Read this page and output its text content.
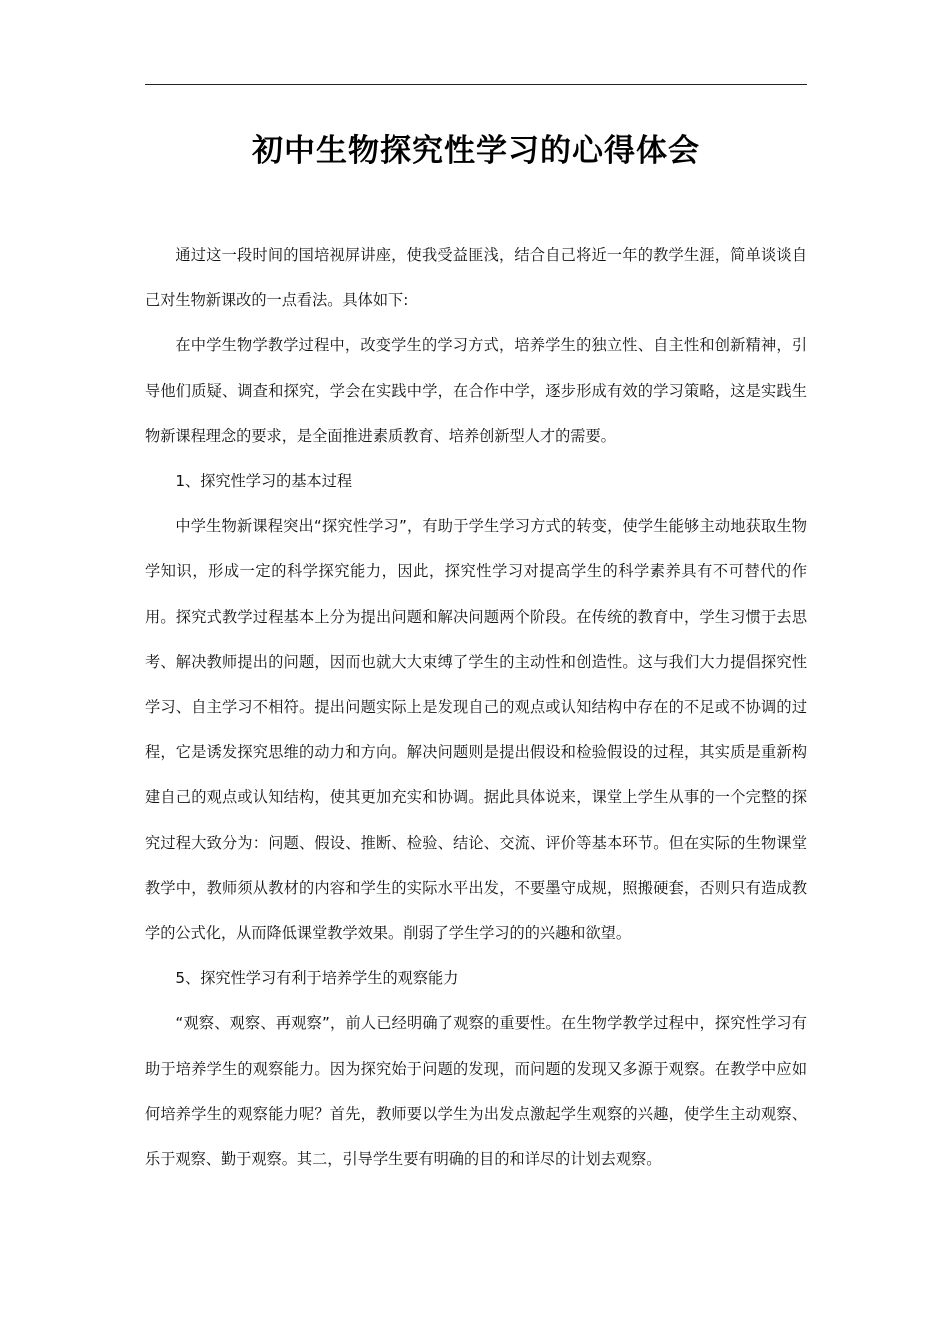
初中生物探究性学习的心得体会

通过这一段时间的国培视屏讲座，使我受益匪浅，结合自己将近一年的教学生涯，简单谈谈自己对生物新课改的一点看法。具体如下:

在中学生物学教学过程中，改变学生的学习方式，培养学生的独立性、自主性和创新精神，引导他们质疑、调查和探究，学会在实践中学，在合作中学，逐步形成有效的学习策略，这是实践生物新课程理念的要求，是全面推进素质教育、培养创新型人才的需要。

1、探究性学习的基本过程

中学生物新课程突出“探究性学习”，有助于学生学习方式的转变，使学生能够主动地获取生物学知识，形成一定的科学探究能力，因此，探究性学习对提高学生的科学素养具有不可替代的作用。探究式教学过程基本上分为提出问题和解决问题两个阶段。在传统的教育中，学生习惯于去思考、解决教师提出的问题，因而也就大大束缚了学生的主动性和创造性。这与我们大力提倡探究性学习、自主学习不相符。提出问题实际上是发现自己的观点或认知结构中存在的不足或不协调的过程，它是诱发探究思维的动力和方向。解决问题则是提出假设和检验假设的过程，其实质是重新构建自己的观点或认知结构，使其更加充实和协调。据此具体说来，课堂上学生从事的一个完整的探究过程大致分为：问题、假设、推断、检验、结论、交流、评价等基本环节。但在实际的生物课堂教学中，教师须从教材的内容和学生的实际水平出发，不要墨守成规，照搬硬套，否则只有造成教学的公式化，从而降低课堂教学效果。削弱了学生学习的的兴趣和欲望。

5、探究性学习有利于培养学生的观察能力

“观察、观察、再观察”，前人已经明确了观察的重要性。在生物学教学过程中，探究性学习有助于培养学生的观察能力。因为探究始于问题的发现，而问题的发现又多源于观察。在教学中应如何培养学生的观察能力呢？首先，教师要以学生为出发点激起学生观察的兴趣，使学生主动观察、乐于观察、勤于观察。其二，引导学生要有明确的目的和详尽的计划去观察。
